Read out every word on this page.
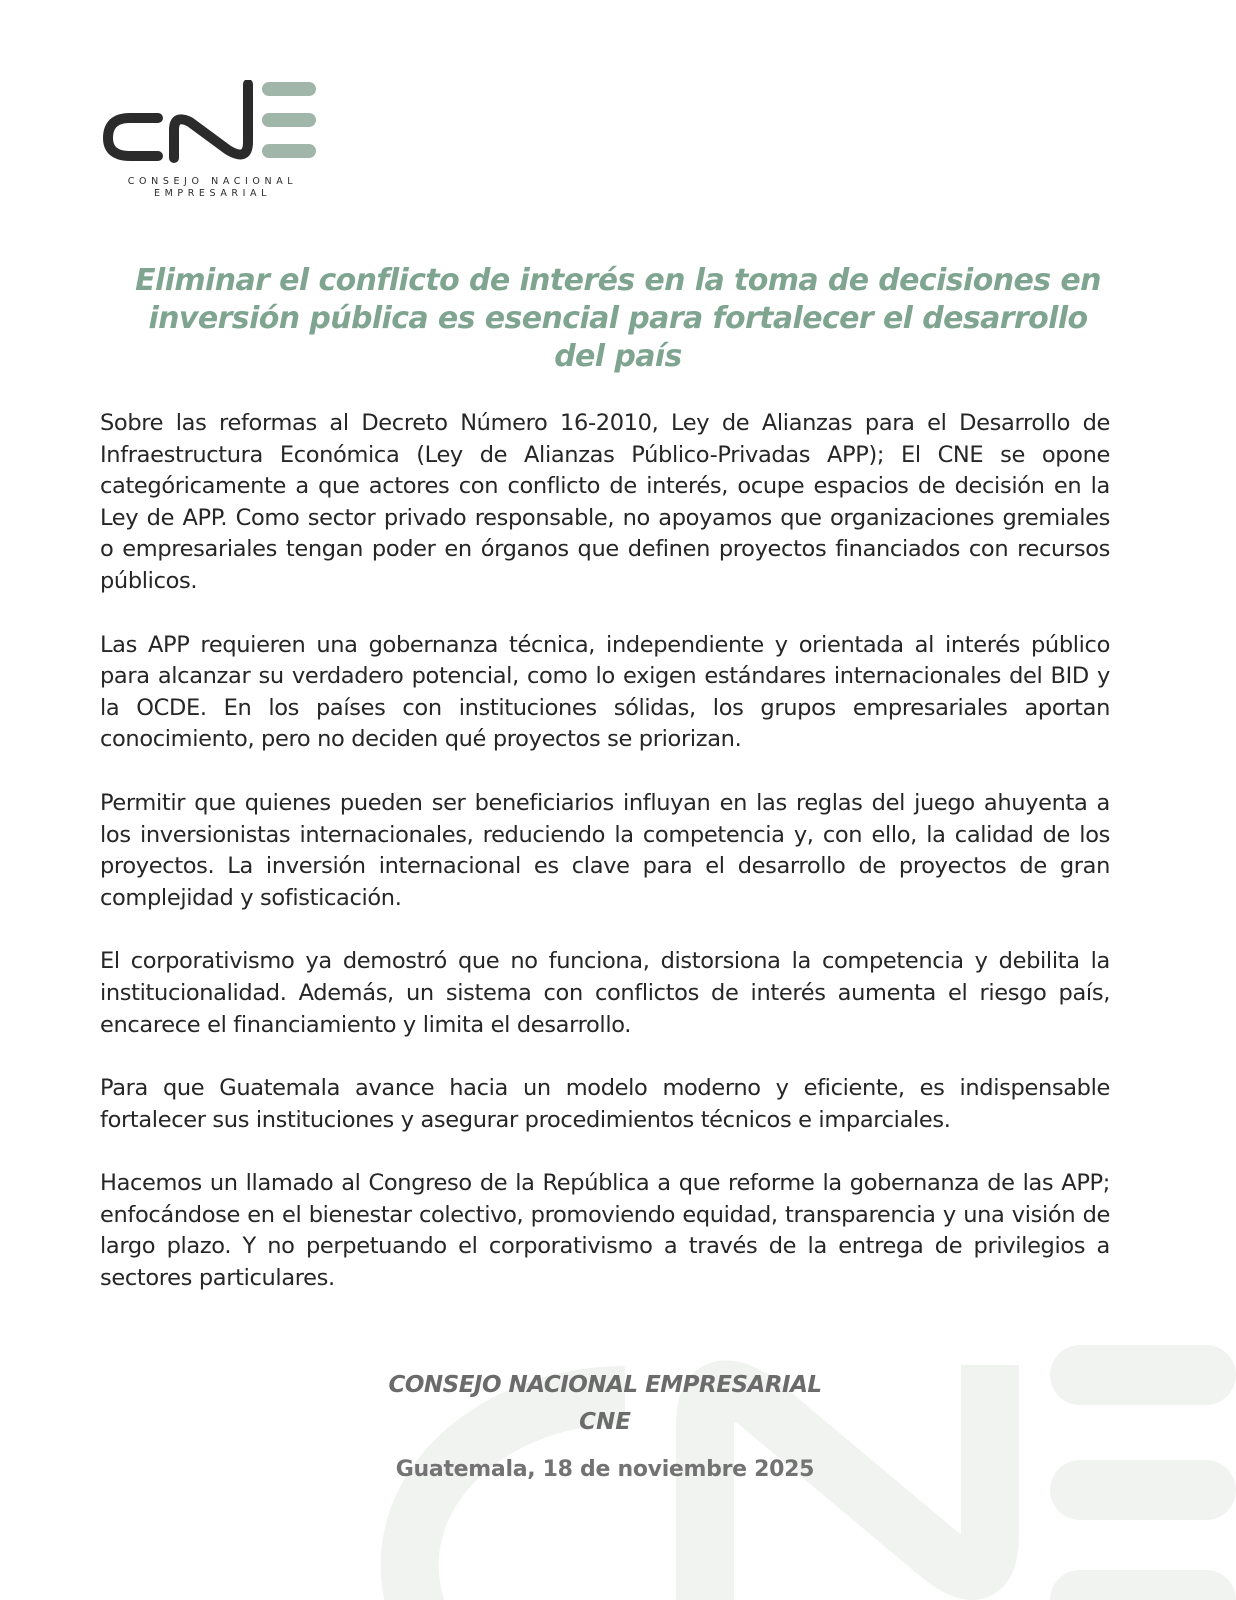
CONSEJO NACIONAL
EMPRESARIAL
Eliminar el conflicto de interés en la toma de decisiones en inversión pública es esencial para fortalecer el desarrollo del país

Sobre las reformas al Decreto Número 16-2010, Ley de Alianzas para el Desarrollo de Infraestructura Económica (Ley de Alianzas Público-Privadas APP); El CNE se opone categóricamente a que actores con conflicto de interés, ocupe espacios de decisión en la Ley de APP. Como sector privado responsable, no apoyamos que organizaciones gremiales o empresariales tengan poder en órganos que definen proyectos financiados con recursos públicos.

Las APP requieren una gobernanza técnica, independiente y orientada al interés público para alcanzar su verdadero potencial, como lo exigen estándares internacionales del BID y la OCDE. En los países con instituciones sólidas, los grupos empresariales aportan conocimiento, pero no deciden qué proyectos se priorizan.

Permitir que quienes pueden ser beneficiarios influyan en las reglas del juego ahuyenta a los inversionistas internacionales, reduciendo la competencia y, con ello, la calidad de los proyectos. La inversión internacional es clave para el desarrollo de proyectos de gran complejidad y sofisticación.

El corporativismo ya demostró que no funciona, distorsiona la competencia y debilita la institucionalidad. Además, un sistema con conflictos de interés aumenta el riesgo país, encarece el financiamiento y limita el desarrollo.

Para que Guatemala avance hacia un modelo moderno y eficiente, es indispensable fortalecer sus instituciones y asegurar procedimientos técnicos e imparciales.

Hacemos un llamado al Congreso de la República a que reforme la gobernanza de las APP; enfocándose en el bienestar colectivo, promoviendo equidad, transparencia y una visión de largo plazo. Y no perpetuando el corporativismo a través de la entrega de privilegios a sectores particulares.

CONSEJO NACIONAL EMPRESARIAL
CNE
Guatemala, 18 de noviembre 2025
